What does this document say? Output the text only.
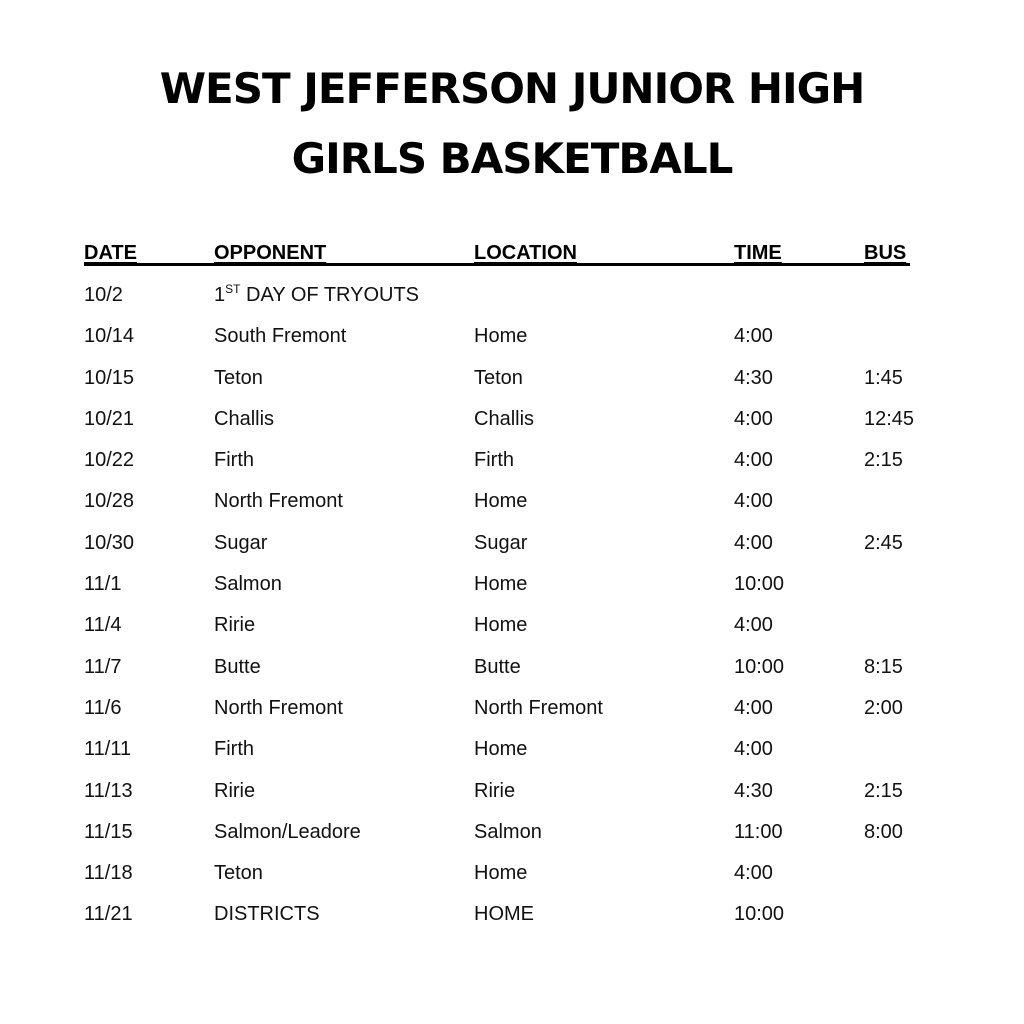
WEST JEFFERSON JUNIOR HIGH
GIRLS BASKETBALL
DATE	OPPONENT	LOCATION	TIME	BUS
10/2	1ST DAY OF TRYOUTS
10/14	South Fremont	Home	4:00
10/15	Teton	Teton	4:30	1:45
10/21	Challis	Challis	4:00	12:45
10/22	Firth	Firth	4:00	2:15
10/28	North Fremont	Home	4:00
10/30	Sugar	Sugar	4:00	2:45
11/1	Salmon	Home	10:00
11/4	Ririe	Home	4:00
11/7	Butte	Butte	10:00	8:15
11/6	North Fremont	North Fremont	4:00	2:00
11/11	Firth	Home	4:00
11/13	Ririe	Ririe	4:30	2:15
11/15	Salmon/Leadore	Salmon	11:00	8:00
11/18	Teton	Home	4:00
11/21	DISTRICTS	HOME	10:00
